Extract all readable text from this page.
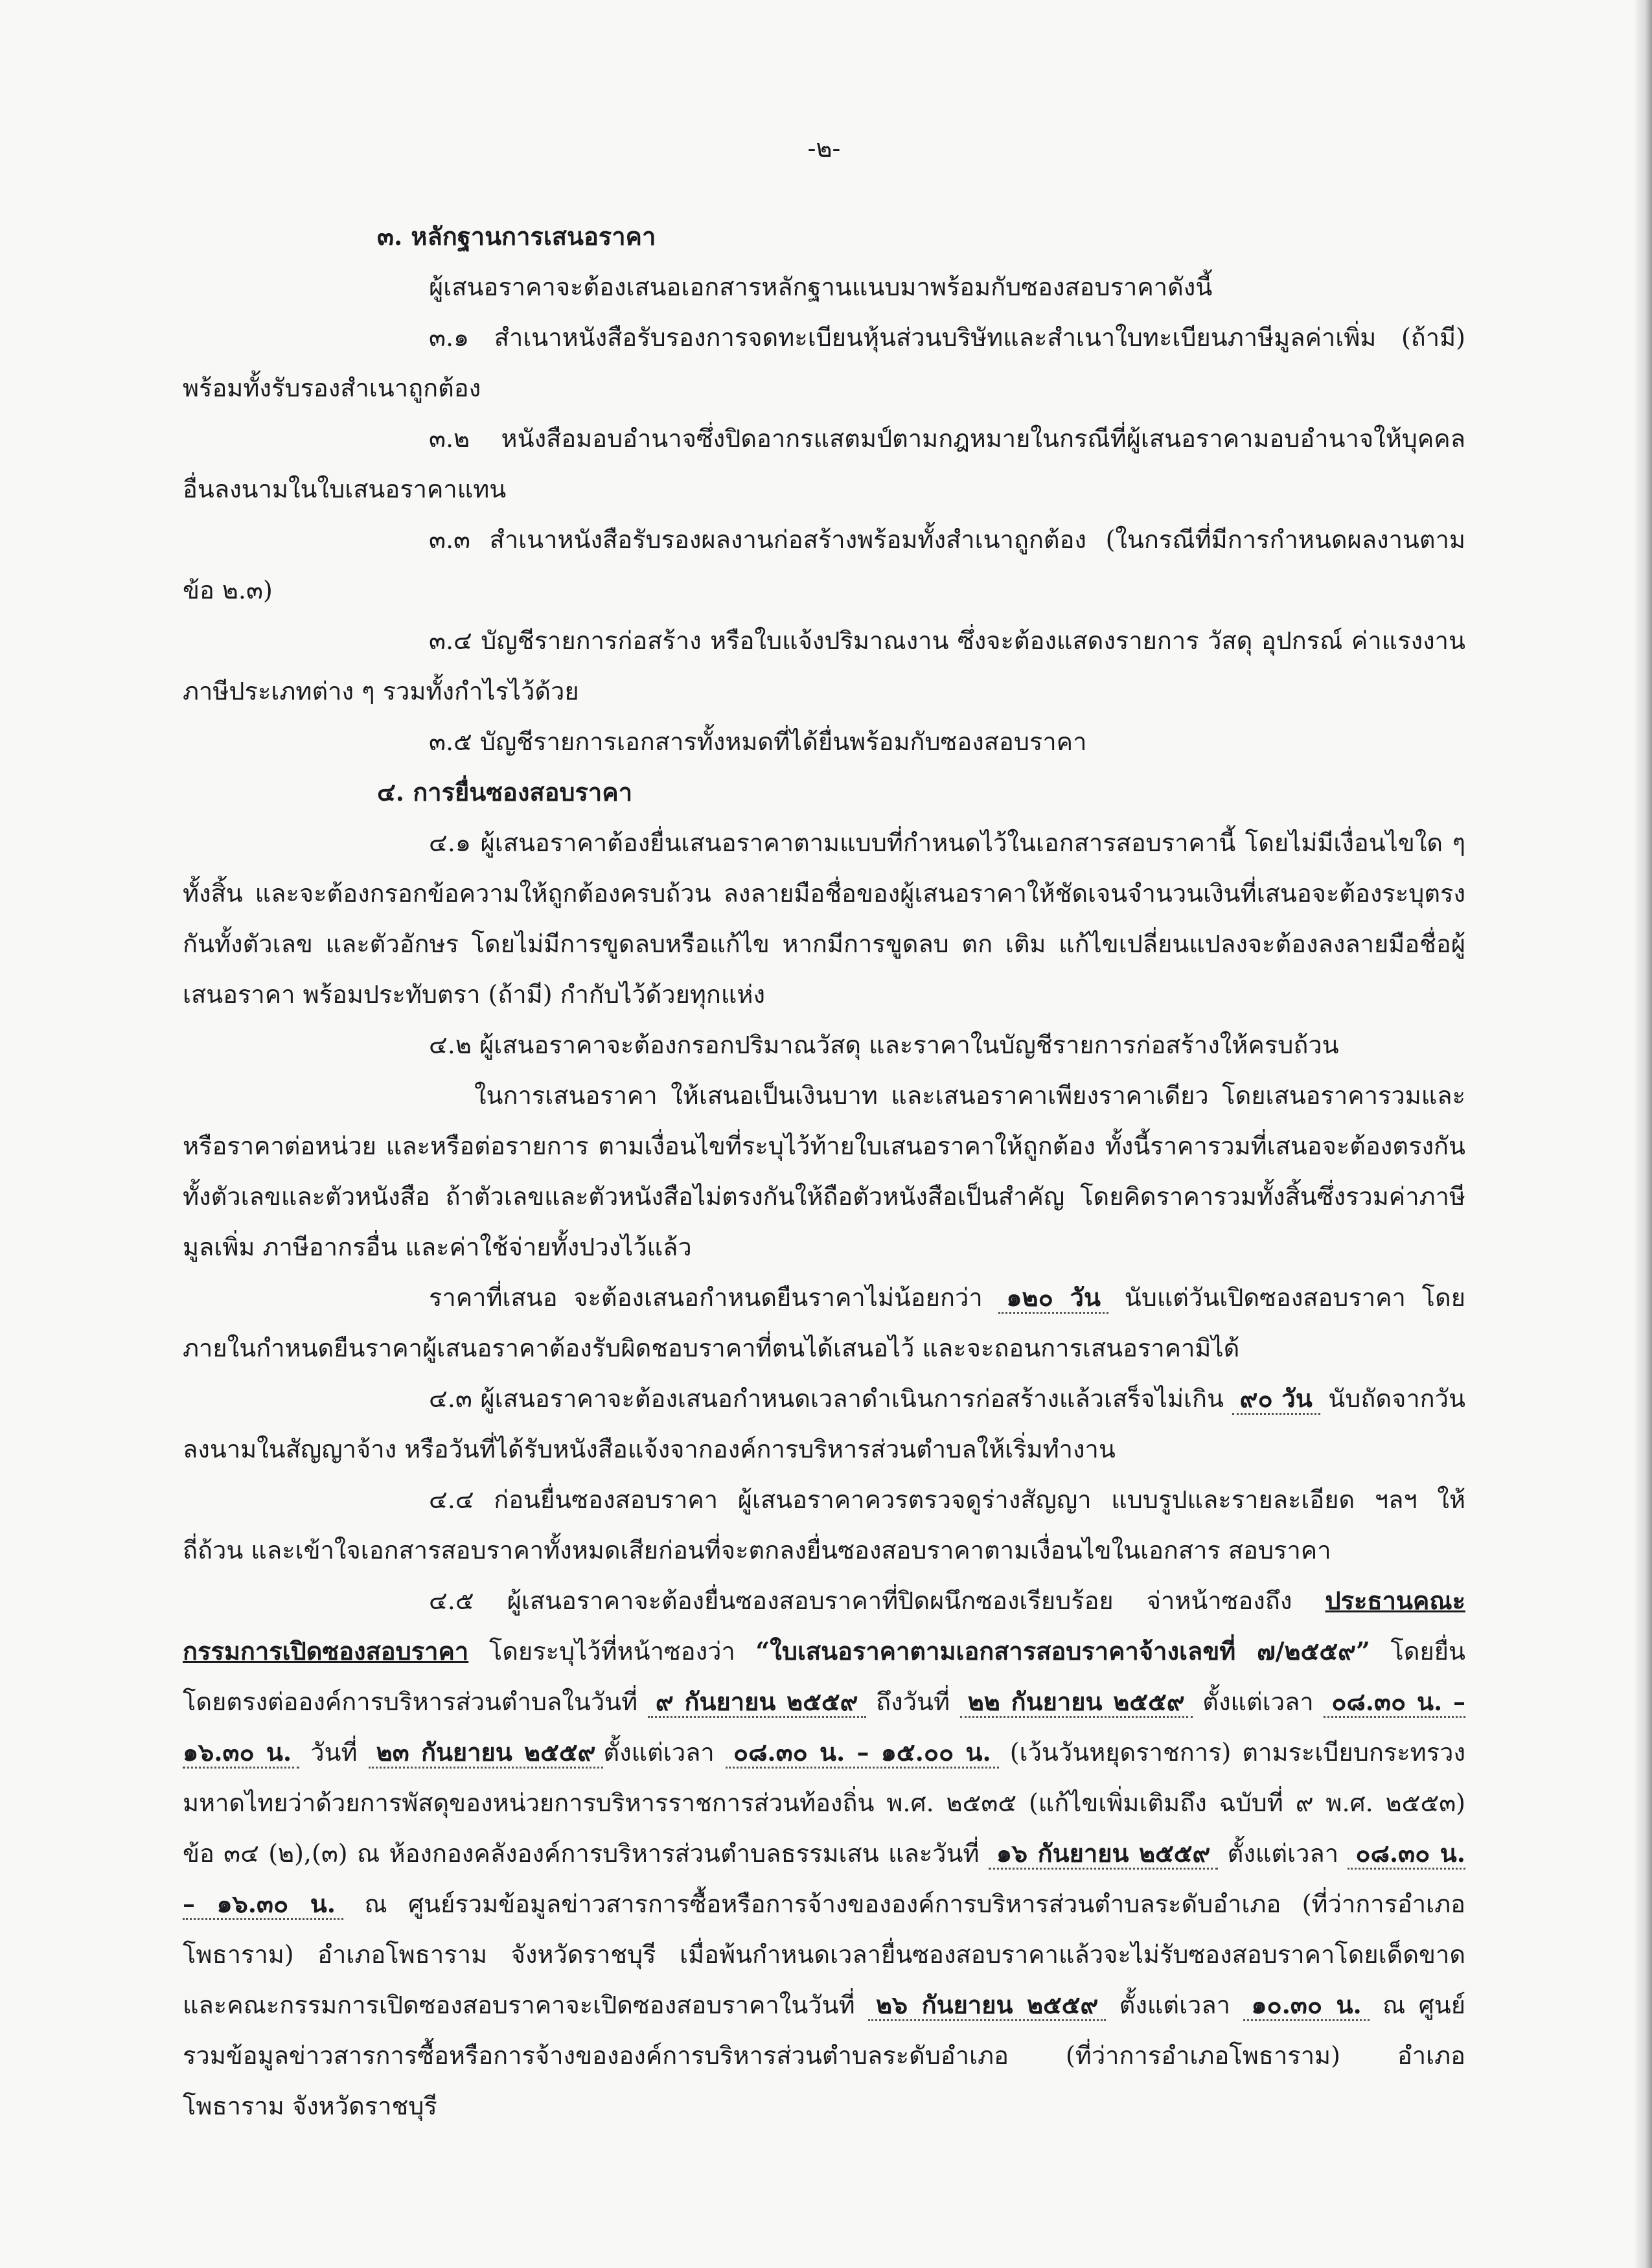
-๒-

๓. หลักฐานการเสนอราคา

ผู้เสนอราคาจะต้องเสนอเอกสารหลักฐานแนบมาพร้อมกับซองสอบราคาดังนี้

๓.๑ สำเนาหนังสือรับรองการจดทะเบียนหุ้นส่วนบริษัทและสำเนาใบทะเบียนภาษีมูลค่าเพิ่ม (ถ้ามี) พร้อมทั้งรับรองสำเนาถูกต้อง

๓.๒ หนังสือมอบอำนาจซึ่งปิดอากรแสตมป์ตามกฎหมายในกรณีที่ผู้เสนอราคามอบอำนาจให้บุคคลอื่นลงนามในใบเสนอราคาแทน

๓.๓ สำเนาหนังสือรับรองผลงานก่อสร้างพร้อมทั้งสำเนาถูกต้อง (ในกรณีที่มีการกำหนดผลงานตามข้อ ๒.๓)

๓.๔ บัญชีรายการก่อสร้าง หรือใบแจ้งปริมาณงาน ซึ่งจะต้องแสดงรายการ วัสดุ อุปกรณ์ ค่าแรงงาน ภาษีประเภทต่าง ๆ รวมทั้งกำไรไว้ด้วย

๓.๕ บัญชีรายการเอกสารทั้งหมดที่ได้ยื่นพร้อมกับซองสอบราคา

๔. การยื่นซองสอบราคา

๔.๑ ผู้เสนอราคาต้องยื่นเสนอราคาตามแบบที่กำหนดไว้ในเอกสารสอบราคานี้ โดยไม่มีเงื่อนไขใด ๆ ทั้งสิ้น และจะต้องกรอกข้อความให้ถูกต้องครบถ้วน ลงลายมือชื่อของผู้เสนอราคาให้ชัดเจนจำนวนเงินที่เสนอจะต้องระบุตรงกันทั้งตัวเลข และตัวอักษร โดยไม่มีการขูดลบหรือแก้ไข หากมีการขูดลบ ตก เติม แก้ไขเปลี่ยนแปลงจะต้องลงลายมือชื่อผู้เสนอราคา พร้อมประทับตรา (ถ้ามี) กำกับไว้ด้วยทุกแห่ง

๔.๒ ผู้เสนอราคาจะต้องกรอกปริมาณวัสดุ และราคาในบัญชีรายการก่อสร้างให้ครบถ้วน

ในการเสนอราคา ให้เสนอเป็นเงินบาท และเสนอราคาเพียงราคาเดียว โดยเสนอราคารวมและหรือราคาต่อหน่วย และหรือต่อรายการ ตามเงื่อนไขที่ระบุไว้ท้ายใบเสนอราคาให้ถูกต้อง ทั้งนี้ราคารวมที่เสนอจะต้องตรงกันทั้งตัวเลขและตัวหนังสือ ถ้าตัวเลขและตัวหนังสือไม่ตรงกันให้ถือตัวหนังสือเป็นสำคัญ โดยคิดราคารวมทั้งสิ้นซึ่งรวมค่าภาษีมูลเพิ่ม ภาษีอากรอื่น และค่าใช้จ่ายทั้งปวงไว้แล้ว

ราคาที่เสนอ จะต้องเสนอกำหนดยืนราคาไม่น้อยกว่า ๑๒๐ วัน นับแต่วันเปิดซองสอบราคา โดยภายในกำหนดยืนราคาผู้เสนอราคาต้องรับผิดชอบราคาที่ตนได้เสนอไว้ และจะถอนการเสนอราคามิได้

๔.๓ ผู้เสนอราคาจะต้องเสนอกำหนดเวลาดำเนินการก่อสร้างแล้วเสร็จไม่เกิน ๙๐ วัน นับถัดจากวันลงนามในสัญญาจ้าง หรือวันที่ได้รับหนังสือแจ้งจากองค์การบริหารส่วนตำบลให้เริ่มทำงาน

๔.๔ ก่อนยื่นซองสอบราคา ผู้เสนอราคาควรตรวจดูร่างสัญญา แบบรูปและรายละเอียด ฯลฯ ให้ถี่ถ้วน และเข้าใจเอกสารสอบราคาทั้งหมดเสียก่อนที่จะตกลงยื่นซองสอบราคาตามเงื่อนไขในเอกสาร สอบราคา

๔.๕ ผู้เสนอราคาจะต้องยื่นซองสอบราคาที่ปิดผนึกซองเรียบร้อย จ่าหน้าซองถึง ประธานคณะกรรมการเปิดซองสอบราคา โดยระบุไว้ที่หน้าซองว่า “ใบเสนอราคาตามเอกสารสอบราคาจ้างเลขที่ ๗/๒๕๕๙” โดยยื่นโดยตรงต่อองค์การบริหารส่วนตำบลในวันที่ ๙ กันยายน ๒๕๕๙ ถึงวันที่ ๒๒ กันยายน ๒๕๕๙ ตั้งแต่เวลา ๐๘.๓๐ น. – ๑๖.๓๐ น. วันที่ ๒๓ กันยายน ๒๕๕๙ ตั้งแต่เวลา ๐๘.๓๐ น. – ๑๕.๐๐ น. (เว้นวันหยุดราชการ) ตามระเบียบกระทรวงมหาดไทยว่าด้วยการพัสดุของหน่วยการบริหารราชการส่วนท้องถิ่น พ.ศ. ๒๕๓๕ (แก้ไขเพิ่มเติมถึง ฉบับที่ ๙ พ.ศ. ๒๕๕๓) ข้อ ๓๔ (๒),(๓) ณ ห้องกองคลังองค์การบริหารส่วนตำบลธรรมเสน และวันที่ ๑๖ กันยายน ๒๕๕๙ ตั้งแต่เวลา ๐๘.๓๐ น. – ๑๖.๓๐ น. ณ ศูนย์รวมข้อมูลข่าวสารการซื้อหรือการจ้างขององค์การบริหารส่วนตำบลระดับอำเภอ (ที่ว่าการอำเภอโพธาราม) อำเภอโพธาราม จังหวัดราชบุรี เมื่อพ้นกำหนดเวลายื่นซองสอบราคาแล้วจะไม่รับซองสอบราคาโดยเด็ดขาด และคณะกรรมการเปิดซองสอบราคาจะเปิดซองสอบราคาในวันที่ ๒๖ กันยายน ๒๕๕๙ ตั้งแต่เวลา ๑๐.๓๐ น. ณ ศูนย์รวมข้อมูลข่าวสารการซื้อหรือการจ้างขององค์การบริหารส่วนตำบลระดับอำเภอ (ที่ว่าการอำเภอโพธาราม) อำเภอโพธาราม จังหวัดราชบุรี
